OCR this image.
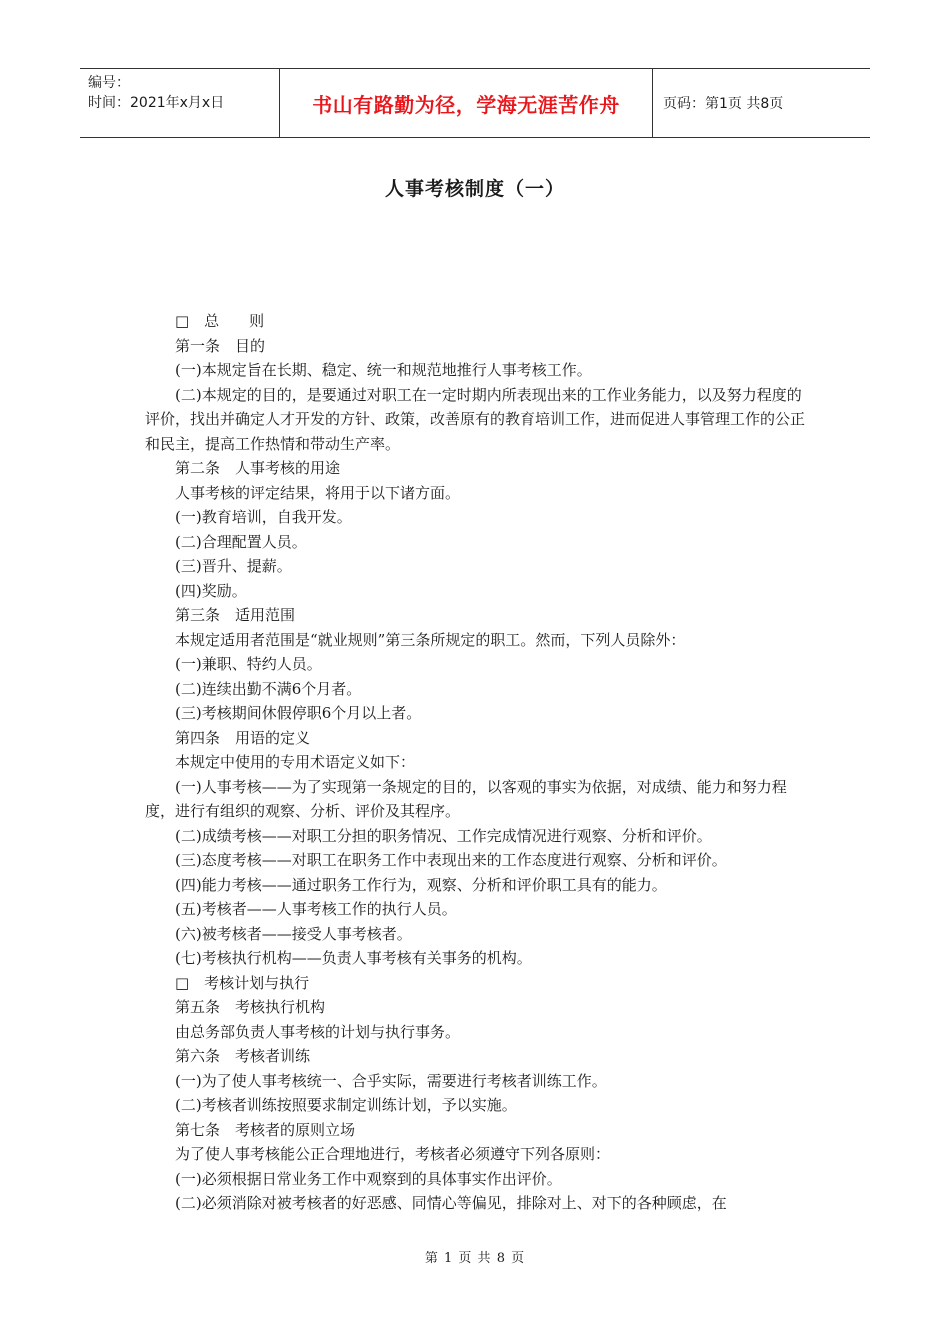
编号：
时间：2021年x月x日	书山有路勤为径，学海无涯苦作舟	页码：第1页 共8页
人事考核制度（一）

□　总　　则

第一条　目的

(一)本规定旨在长期、稳定、统一和规范地推行人事考核工作。

(二)本规定的目的，是要通过对职工在一定时期内所表现出来的工作业务能力，以及努力程度的评价，找出并确定人才开发的方针、政策，改善原有的教育培训工作，进而促进人事管理工作的公正和民主，提高工作热情和带动生产率。

第二条　人事考核的用途

人事考核的评定结果，将用于以下诸方面。

(一)教育培训，自我开发。

(二)合理配置人员。

(三)晋升、提薪。

(四)奖励。

第三条　适用范围

本规定适用者范围是“就业规则”第三条所规定的职工。然而，下列人员除外：

(一)兼职、特约人员。

(二)连续出勤不满6个月者。

(三)考核期间休假停职6个月以上者。

第四条　用语的定义

本规定中使用的专用术语定义如下：

(一)人事考核——为了实现第一条规定的目的，以客观的事实为依据，对成绩、能力和努力程度，进行有组织的观察、分析、评价及其程序。

(二)成绩考核——对职工分担的职务情况、工作完成情况进行观察、分析和评价。

(三)态度考核——对职工在职务工作中表现出来的工作态度进行观察、分析和评价。

(四)能力考核——通过职务工作行为，观察、分析和评价职工具有的能力。

(五)考核者——人事考核工作的执行人员。

(六)被考核者——接受人事考核者。

(七)考核执行机构——负责人事考核有关事务的机构。

□　考核计划与执行

第五条　考核执行机构

由总务部负责人事考核的计划与执行事务。

第六条　考核者训练

(一)为了使人事考核统一、合乎实际，需要进行考核者训练工作。

(二)考核者训练按照要求制定训练计划，予以实施。

第七条　考核者的原则立场

为了使人事考核能公正合理地进行，考核者必须遵守下列各原则：

(一)必须根据日常业务工作中观察到的具体事实作出评价。

(二)必须消除对被考核者的好恶感、同情心等偏见，排除对上、对下的各种顾虑，在

第 1 页 共 8 页
